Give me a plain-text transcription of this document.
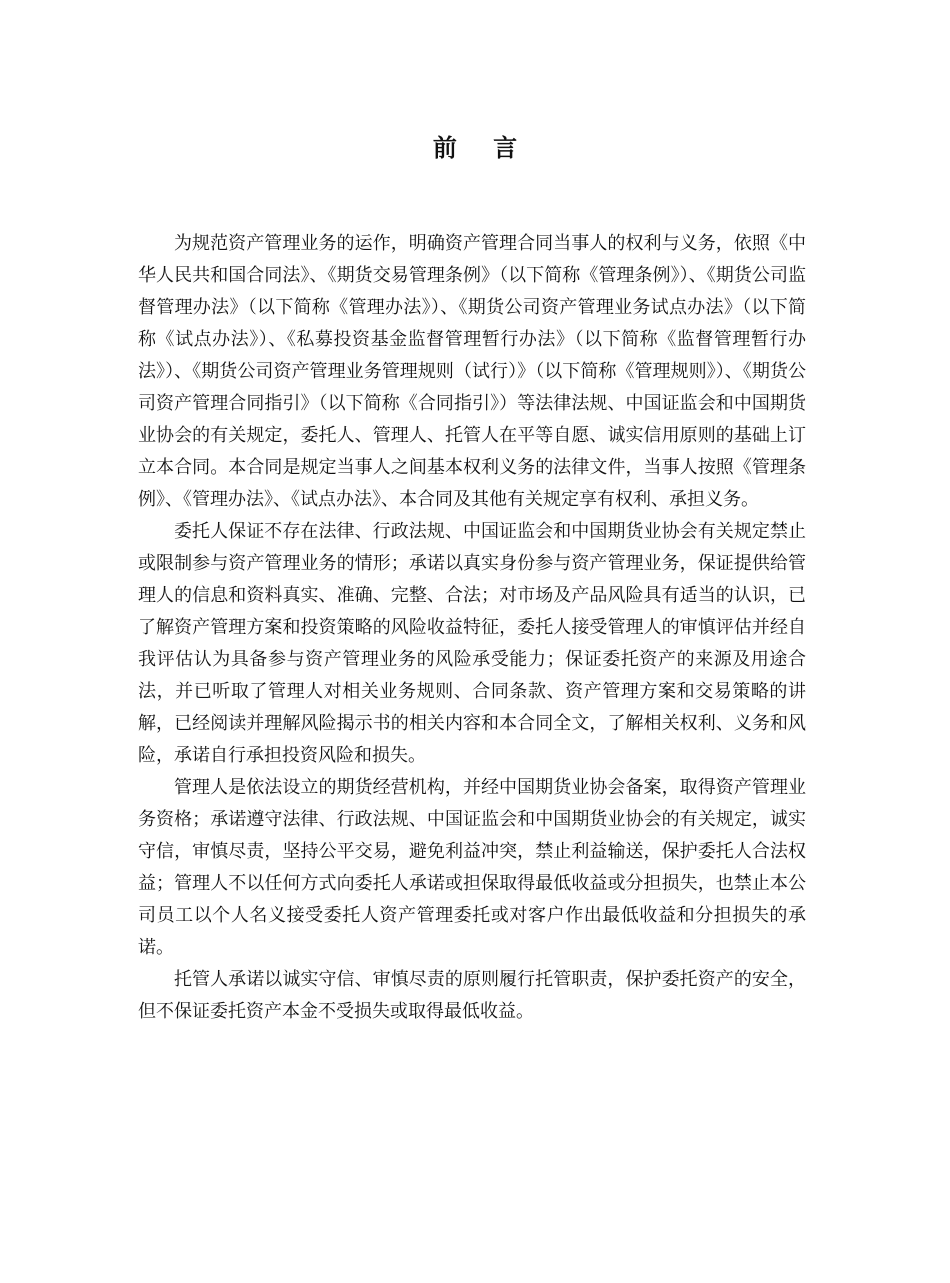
前 言

为规范资产管理业务的运作，明确资产管理合同当事人的权利与义务，依照《中华人民共和国合同法》、《期货交易管理条例》（以下简称《管理条例》）、《期货公司监督管理办法》（以下简称《管理办法》）、《期货公司资产管理业务试点办法》（以下简称《试点办法》）、《私募投资基金监督管理暂行办法》（以下简称《监督管理暂行办法》）、《期货公司资产管理业务管理规则（试行）》（以下简称《管理规则》）、《期货公司资产管理合同指引》（以下简称《合同指引》）等法律法规、中国证监会和中国期货业协会的有关规定，委托人、管理人、托管人在平等自愿、诚实信用原则的基础上订立本合同。本合同是规定当事人之间基本权利义务的法律文件，当事人按照《管理条例》、《管理办法》、《试点办法》、本合同及其他有关规定享有权利、承担义务。

委托人保证不存在法律、行政法规、中国证监会和中国期货业协会有关规定禁止或限制参与资产管理业务的情形；承诺以真实身份参与资产管理业务，保证提供给管理人的信息和资料真实、准确、完整、合法；对市场及产品风险具有适当的认识，已了解资产管理方案和投资策略的风险收益特征，委托人接受管理人的审慎评估并经自我评估认为具备参与资产管理业务的风险承受能力；保证委托资产的来源及用途合法，并已听取了管理人对相关业务规则、合同条款、资产管理方案和交易策略的讲解，已经阅读并理解风险揭示书的相关内容和本合同全文，了解相关权利、义务和风险，承诺自行承担投资风险和损失。

管理人是依法设立的期货经营机构，并经中国期货业协会备案，取得资产管理业务资格；承诺遵守法律、行政法规、中国证监会和中国期货业协会的有关规定，诚实守信，审慎尽责，坚持公平交易，避免利益冲突，禁止利益输送，保护委托人合法权益；管理人不以任何方式向委托人承诺或担保取得最低收益或分担损失，也禁止本公司员工以个人名义接受委托人资产管理委托或对客户作出最低收益和分担损失的承诺。

托管人承诺以诚实守信、审慎尽责的原则履行托管职责，保护委托资产的安全，但不保证委托资产本金不受损失或取得最低收益。
